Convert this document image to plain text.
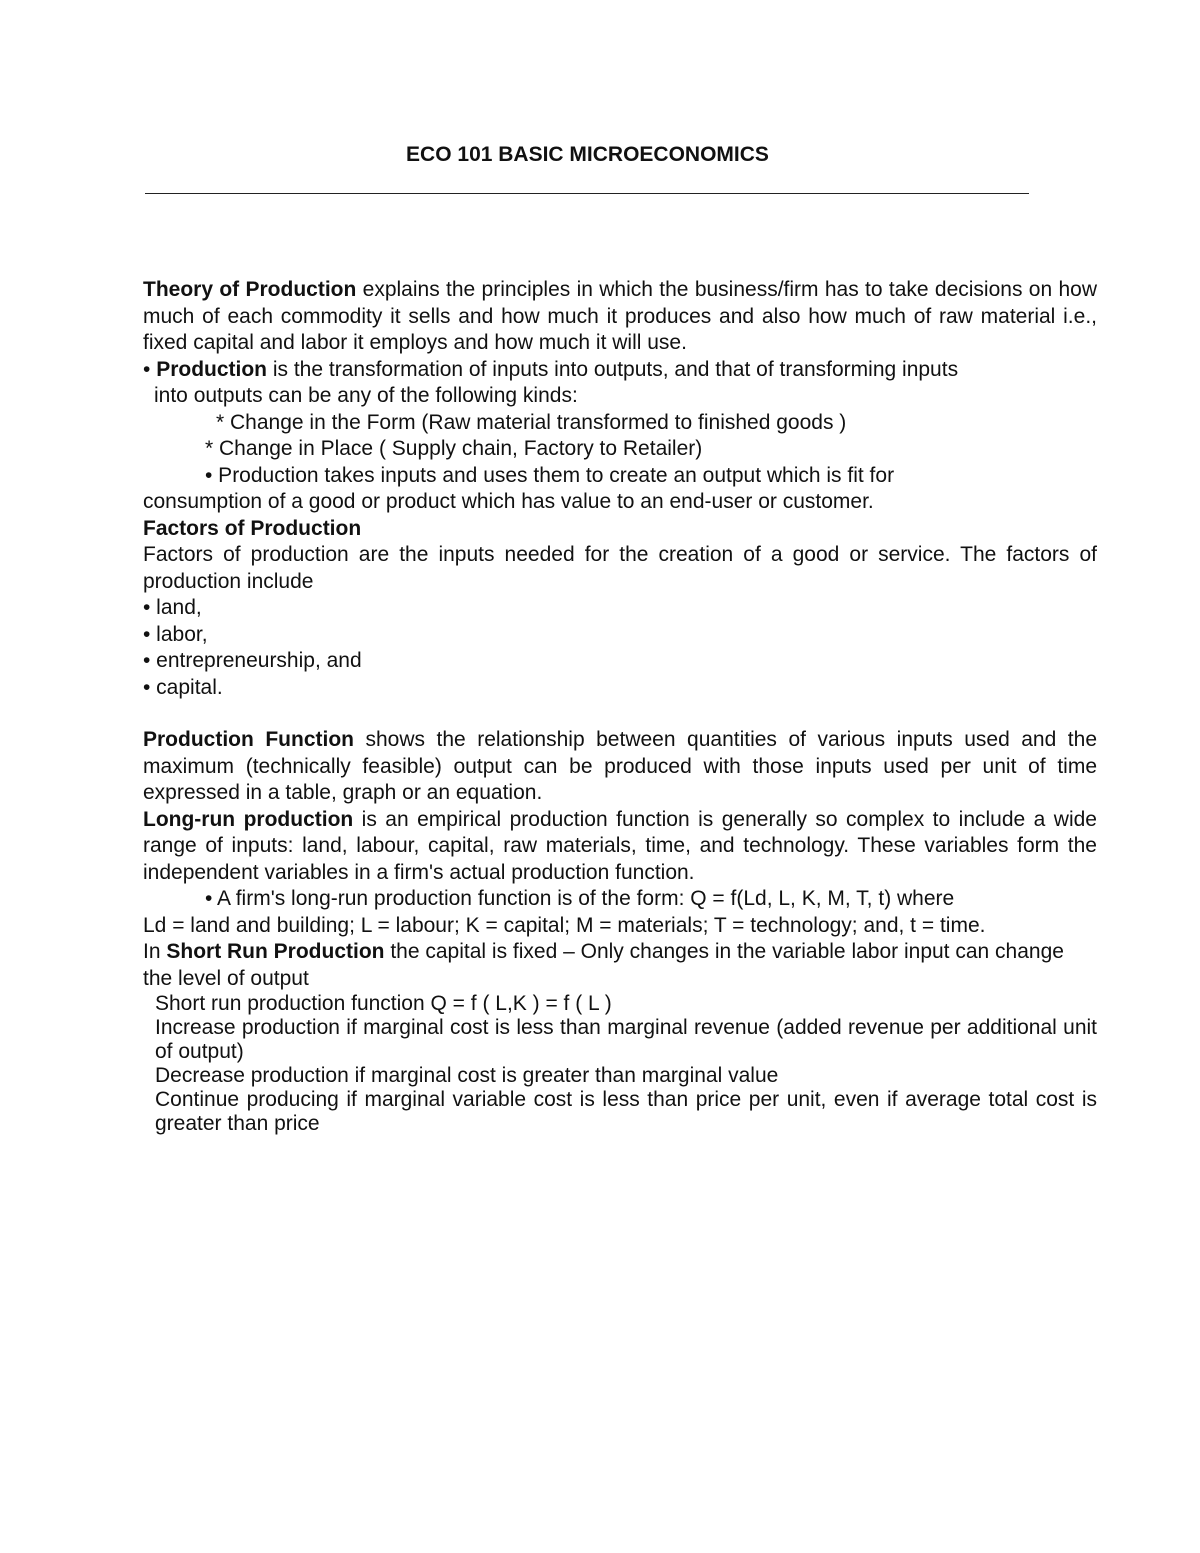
ECO 101 BASIC MICROECONOMICS

Theory of Production explains the principles in which the business/firm has to take decisions on how much of each commodity it sells and how much it produces and also how much of raw material i.e., fixed capital and labor it employs and how much it will use.

• Production is the transformation of inputs into outputs, and that of transforming inputs

into outputs can be any of the following kinds:

* Change in the Form (Raw material transformed to finished goods )

* Change in Place ( Supply chain, Factory to Retailer)

• Production takes inputs and uses them to create an output which is fit for

consumption of a good or product which has value to an end-user or customer.

Factors of Production

Factors of production are the inputs needed for the creation of a good or service. The factors of production include

• land,

• labor,

• entrepreneurship, and

• capital.

Production Function shows the relationship between quantities of various inputs used and the maximum (technically feasible) output can be produced with those inputs used per unit of time expressed in a table, graph or an equation.

Long-run production is an empirical production function is generally so complex to include a wide range of inputs: land, labour, capital, raw materials, time, and technology. These variables form the independent variables in a firm's actual production function.

• A firm's long-run production function is of the form: Q = f(Ld, L, K, M, T, t) where

Ld = land and building; L = labour; K = capital; M = materials; T = technology; and, t = time.

In Short Run Production the capital is fixed – Only changes in the variable labor input can change the level of output

Short run production function Q = f ( L,K ) = f ( L )

Increase production if marginal cost is less than marginal revenue (added revenue per additional unit of output)

Decrease production if marginal cost is greater than marginal value

Continue producing if marginal variable cost is less than price per unit, even if average total cost is greater than price
